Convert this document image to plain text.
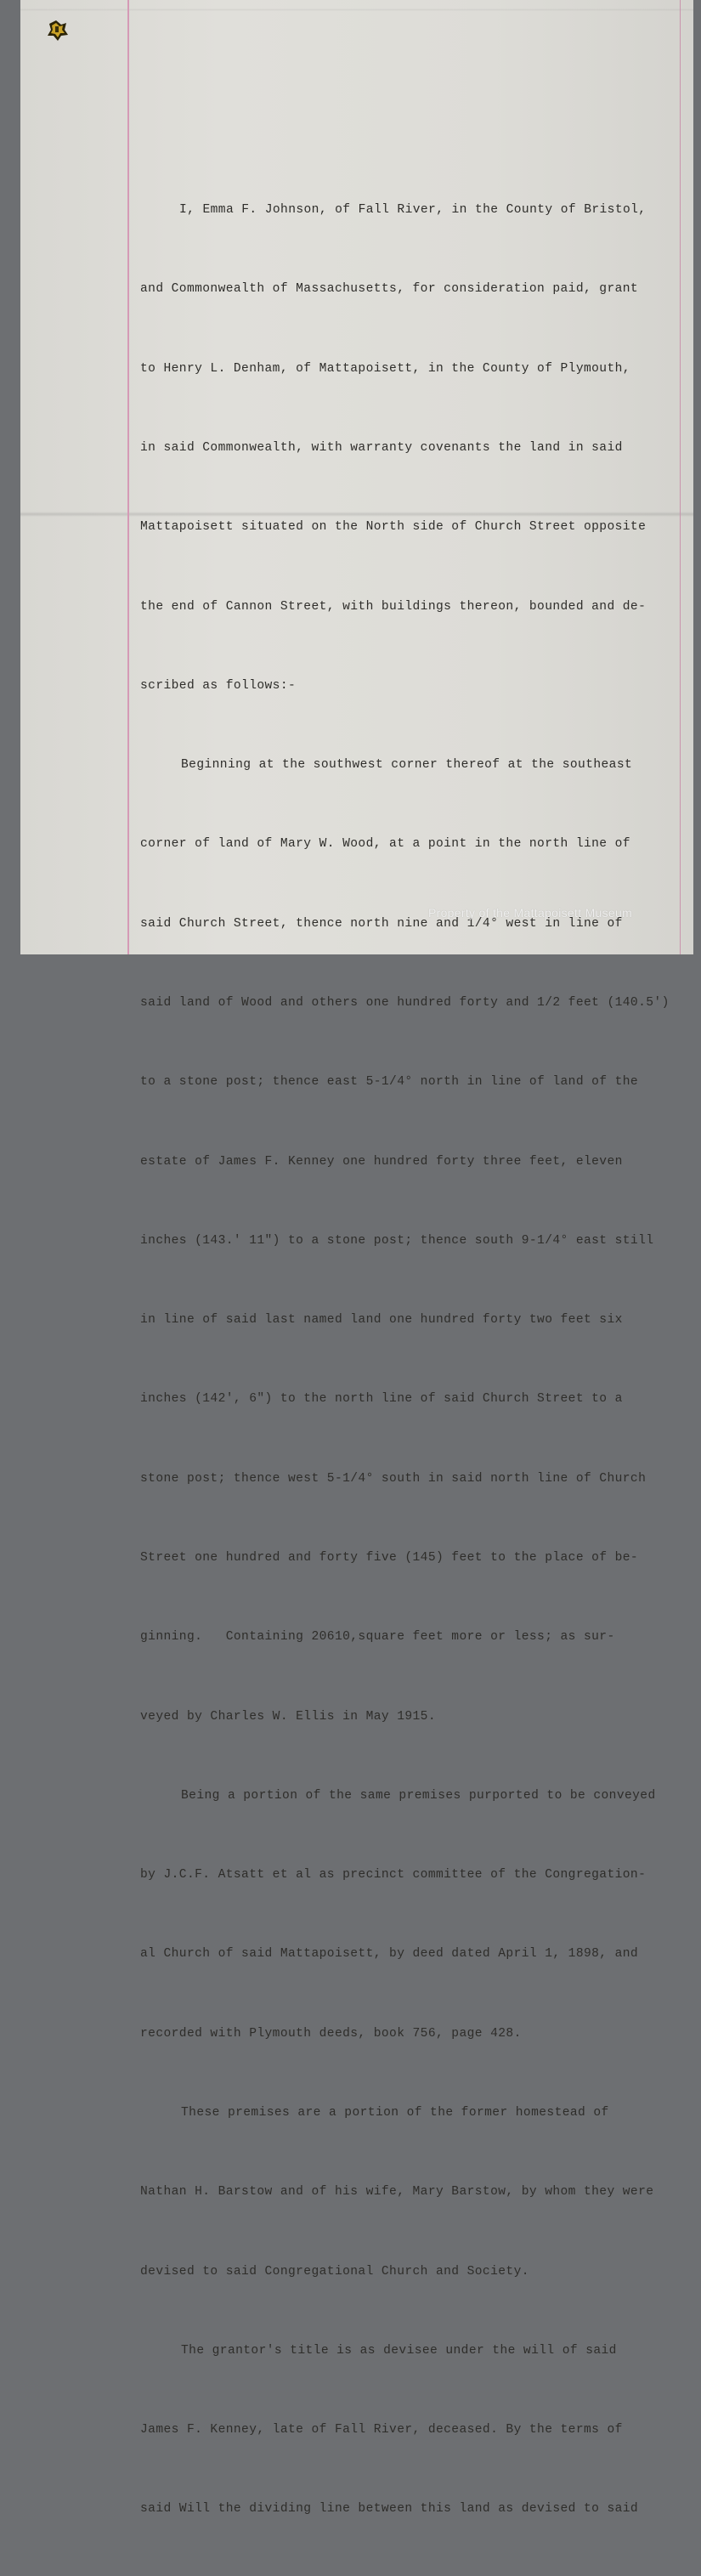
I, Emma F. Johnson, of Fall River, in the County of Bristol,

and Commonwealth of Massachusetts, for consideration paid, grant

to Henry L. Denham, of Mattapoisett, in the County of Plymouth,

in said Commonwealth, with warranty covenants the land in said

Mattapoisett situated on the North side of Church Street opposite

the end of Cannon Street, with buildings thereon, bounded and de-

scribed as follows:-

Beginning at the southwest corner thereof at the southeast

corner of land of Mary W. Wood, at a point in the north line of

said Church Street, thence north nine and 1/4° west in line of

said land of Wood and others one hundred forty and 1/2 feet (140.5')

to a stone post; thence east 5-1/4° north in line of land of the

estate of James F. Kenney one hundred forty three feet, eleven

inches (143.' 11") to a stone post; thence south 9-1/4° east still

in line of said last named land one hundred forty two feet six

inches (142', 6") to the north line of said Church Street to a

stone post; thence west 5-1/4° south in said north line of Church

Street one hundred and forty five (145) feet to the place of be-

ginning.   Containing 20610,square feet more or less; as sur-

veyed by Charles W. Ellis in May 1915.

Being a portion of the same premises purported to be conveyed

by J.C.F. Atsatt et al as precinct committee of the Congregation-

al Church of said Mattapoisett, by deed dated April 1, 1898, and

recorded with Plymouth deeds, book 756, page 428.

These premises are a portion of the former homestead of

Nathan H. Barstow and of his wife, Mary Barstow, by whom they were

devised to said Congregational Church and Society.

The grantor's title is as devisee under the will of said

James F. Kenney, late of Fall River, deceased. By the terms of

said Will the dividing line between this land as devised to said

Property of the Mattapoisett Museum
